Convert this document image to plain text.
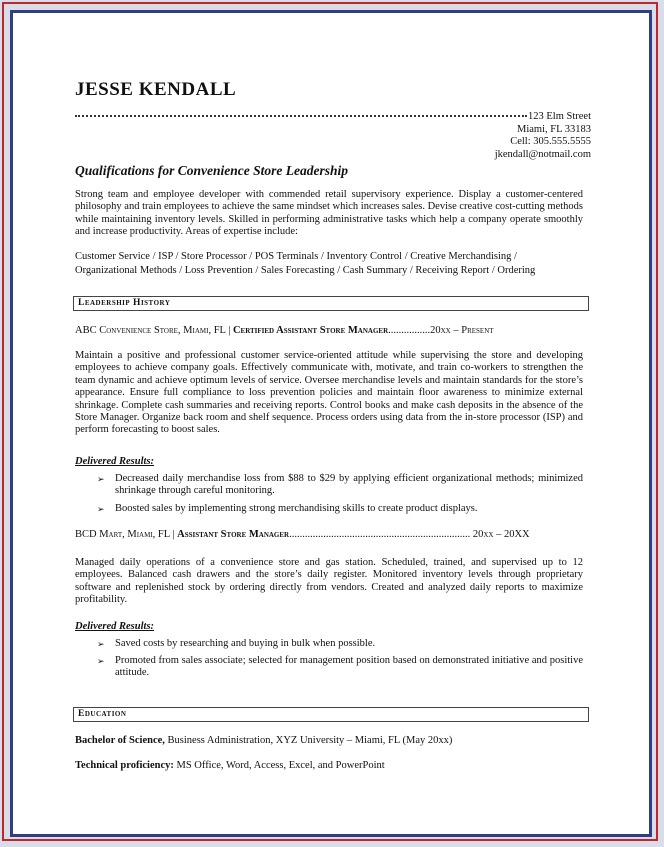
JESSE KENDALL
123 Elm Street
Miami, FL 33183
Cell: 305.555.5555
jkendall@notmail.com
Qualifications for Convenience Store Leadership
Strong team and employee developer with commended retail supervisory experience. Display a customer-centered philosophy and train employees to achieve the same mindset which increases sales. Devise creative cost-cutting methods while maintaining inventory levels. Skilled in performing administrative tasks which help a company operate smoothly and increase productivity. Areas of expertise include:
Customer Service / ISP / Store Processor / POS Terminals / Inventory Control / Creative Merchandising /
Organizational Methods / Loss Prevention / Sales Forecasting / Cash Summary / Receiving Report / Ordering
Leadership History
ABC Convenience Store, Miami, FL | Certified Assistant Store Manager................20xx – Present
Maintain a positive and professional customer service-oriented attitude while supervising the store and developing employees to achieve company goals. Effectively communicate with, motivate, and train co-workers to strengthen the team dynamic and achieve optimum levels of service. Oversee merchandise levels and maintain standards for the store’s appearance. Ensure full compliance to loss prevention policies and maintain floor awareness to minimize external shrinkage. Complete cash summaries and receiving reports. Control books and make cash deposits in the absence of the Store Manager. Organize back room and shelf sequence. Process orders using data from the in-store processor (ISP) and perform forecasting to boost sales.
Delivered Results:
➢ Decreased daily merchandise loss from $88 to $29 by applying efficient organizational methods; minimized shrinkage through careful monitoring.
➢ Boosted sales by implementing strong merchandising skills to create product displays.
BCD Mart, Miami, FL | Assistant Store Manager..................................................................... 20xx – 20XX
Managed daily operations of a convenience store and gas station. Scheduled, trained, and supervised up to 12 employees. Balanced cash drawers and the store’s daily register. Monitored inventory levels through proprietary software and replenished stock by ordering directly from vendors. Created and analyzed daily reports to maximize profitability.
Delivered Results:
➢ Saved costs by researching and buying in bulk when possible.
➢ Promoted from sales associate; selected for management position based on demonstrated initiative and positive attitude.
Education
Bachelor of Science, Business Administration, XYZ University – Miami, FL (May 20xx)
Technical proficiency: MS Office, Word, Access, Excel, and PowerPoint
